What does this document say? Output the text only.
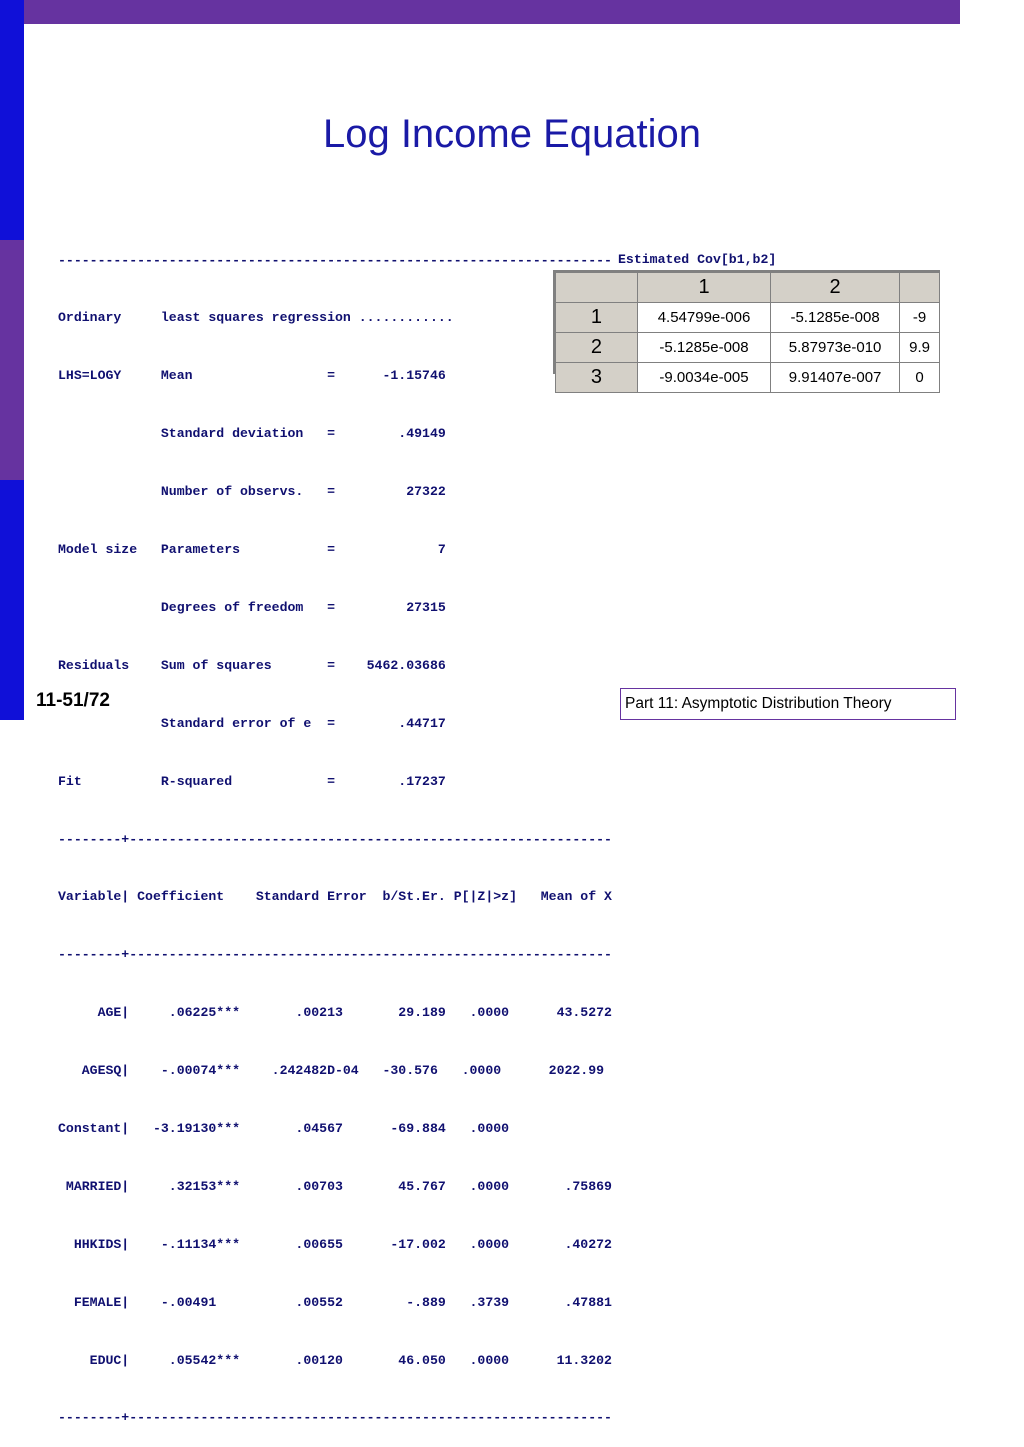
Log Income Equation

----------------------------------------------------------------------

Ordinary     least squares regression ............

LHS=LOGY     Mean                 =      -1.15746

Standard deviation   =        .49149

Number of observs.   =         27322

Model size   Parameters           =             7

Degrees of freedom   =         27315

Residuals    Sum of squares       =    5462.03686

Standard error of e  =        .44717

Fit          R-squared            =        .17237

--------+-------------------------------------------------------------

Variable| Coefficient    Standard Error  b/St.Er. P[|Z|>z]   Mean of X

--------+-------------------------------------------------------------

AGE|     .06225***       .00213       29.189   .0000      43.5272

AGESQ|    -.00074***    .242482D-04   -30.576   .0000      2022.99

Constant|   -3.19130***       .04567      -69.884   .0000

MARRIED|     .32153***       .00703       45.767   .0000       .75869

HHKIDS|    -.11134***       .00655      -17.002   .0000       .40272

FEMALE|    -.00491          .00552        -.889   .3739       .47881

EDUC|     .05542***       .00120       46.050   .0000      11.3202

--------+-------------------------------------------------------------

Estimated Cov[b1,b2]
	1	2	
1	4.54799e-006	-5.1285e-008	-9
2	-5.1285e-008	5.87973e-010	9.9
3	-9.0034e-005	9.91407e-007	0
11-51/72	Part 11: Asymptotic Distribution Theory
